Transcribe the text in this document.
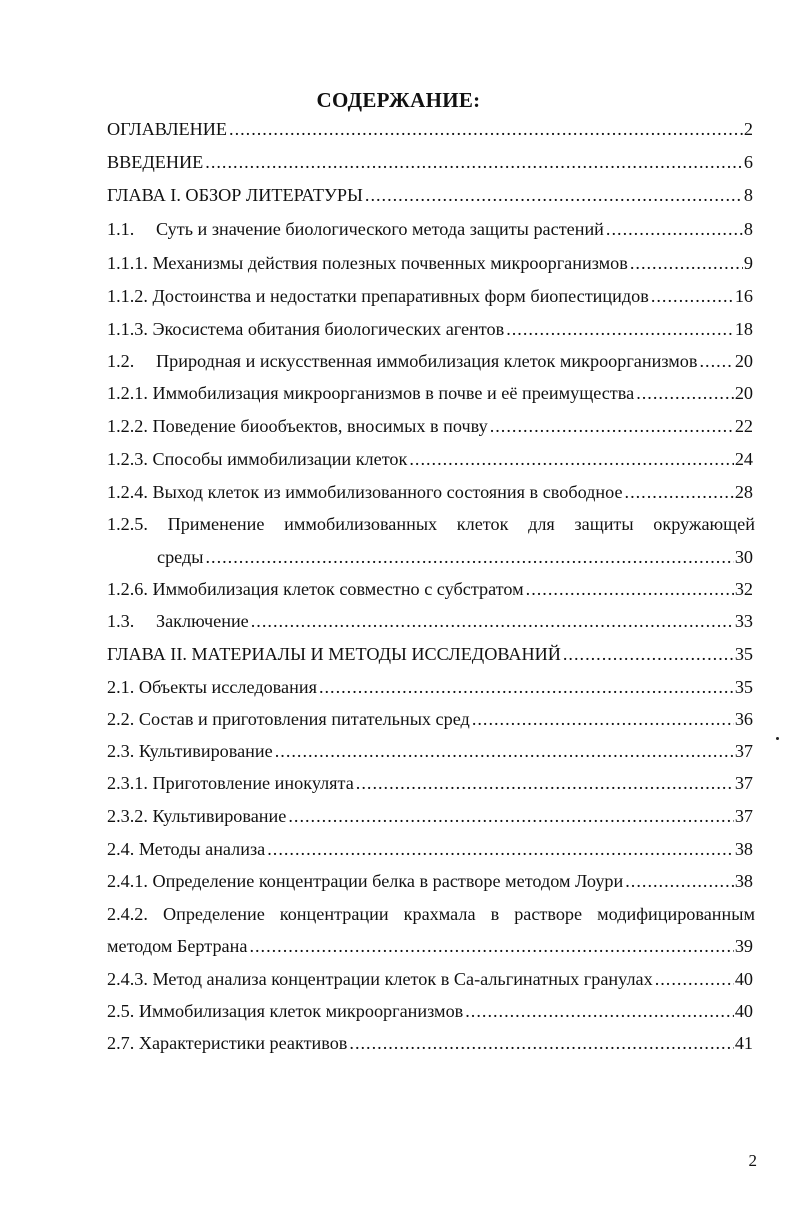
СОДЕРЖАНИЕ:
ОГЛАВЛЕНИЕ .....	2
ВВЕДЕНИЕ .....	6
ГЛАВА I. ОБЗОР ЛИТЕРАТУРЫ .....	8
1.1. Суть и значение биологического метода защиты растений .....	8
1.1.1. Механизмы действия полезных почвенных микроорганизмов .....	9
1.1.2. Достоинства и недостатки препаративных форм биопестицидов .....	16
1.1.3. Экосистема обитания биологических агентов .....	18
1.2. Природная и искусственная иммобилизация клеток микроорганизмов ..... 20
1.2.1. Иммобилизация микроорганизмов в почве и её преимущества .....	20
1.2.2. Поведение биообъектов, вносимых в почву .....	22
1.2.3. Способы иммобилизации клеток .....	24
1.2.4. Выход клеток из иммобилизованного состояния в свободное .....	28
1.2.5. Применение иммобилизованных клеток для защиты окружающей
среды .....	30
1.2.6. Иммобилизация клеток совместно с субстратом .....	32
1.3. Заключение .....	33
ГЛАВА II. МАТЕРИАЛЫ И МЕТОДЫ ИССЛЕДОВАНИЙ .....	35
2.1. Объекты исследования .....	35
2.2. Состав и приготовления питательных сред .....	36
2.3. Культивирование .....	37
2.3.1. Приготовление инокулята .....	37
2.3.2. Культивирование .....	37
2.4. Методы анализа .....	38
2.4.1. Определение концентрации белка в растворе методом Лоури .....	38
2.4.2. Определение концентрации крахмала в растворе модифицированным
методом Бертрана .....	39
2.4.3. Метод анализа концентрации клеток в Са-альгинатных гранулах .....	40
2.5. Иммобилизация клеток микроорганизмов .....	40
2.7. Характеристики реактивов .....	41
2
